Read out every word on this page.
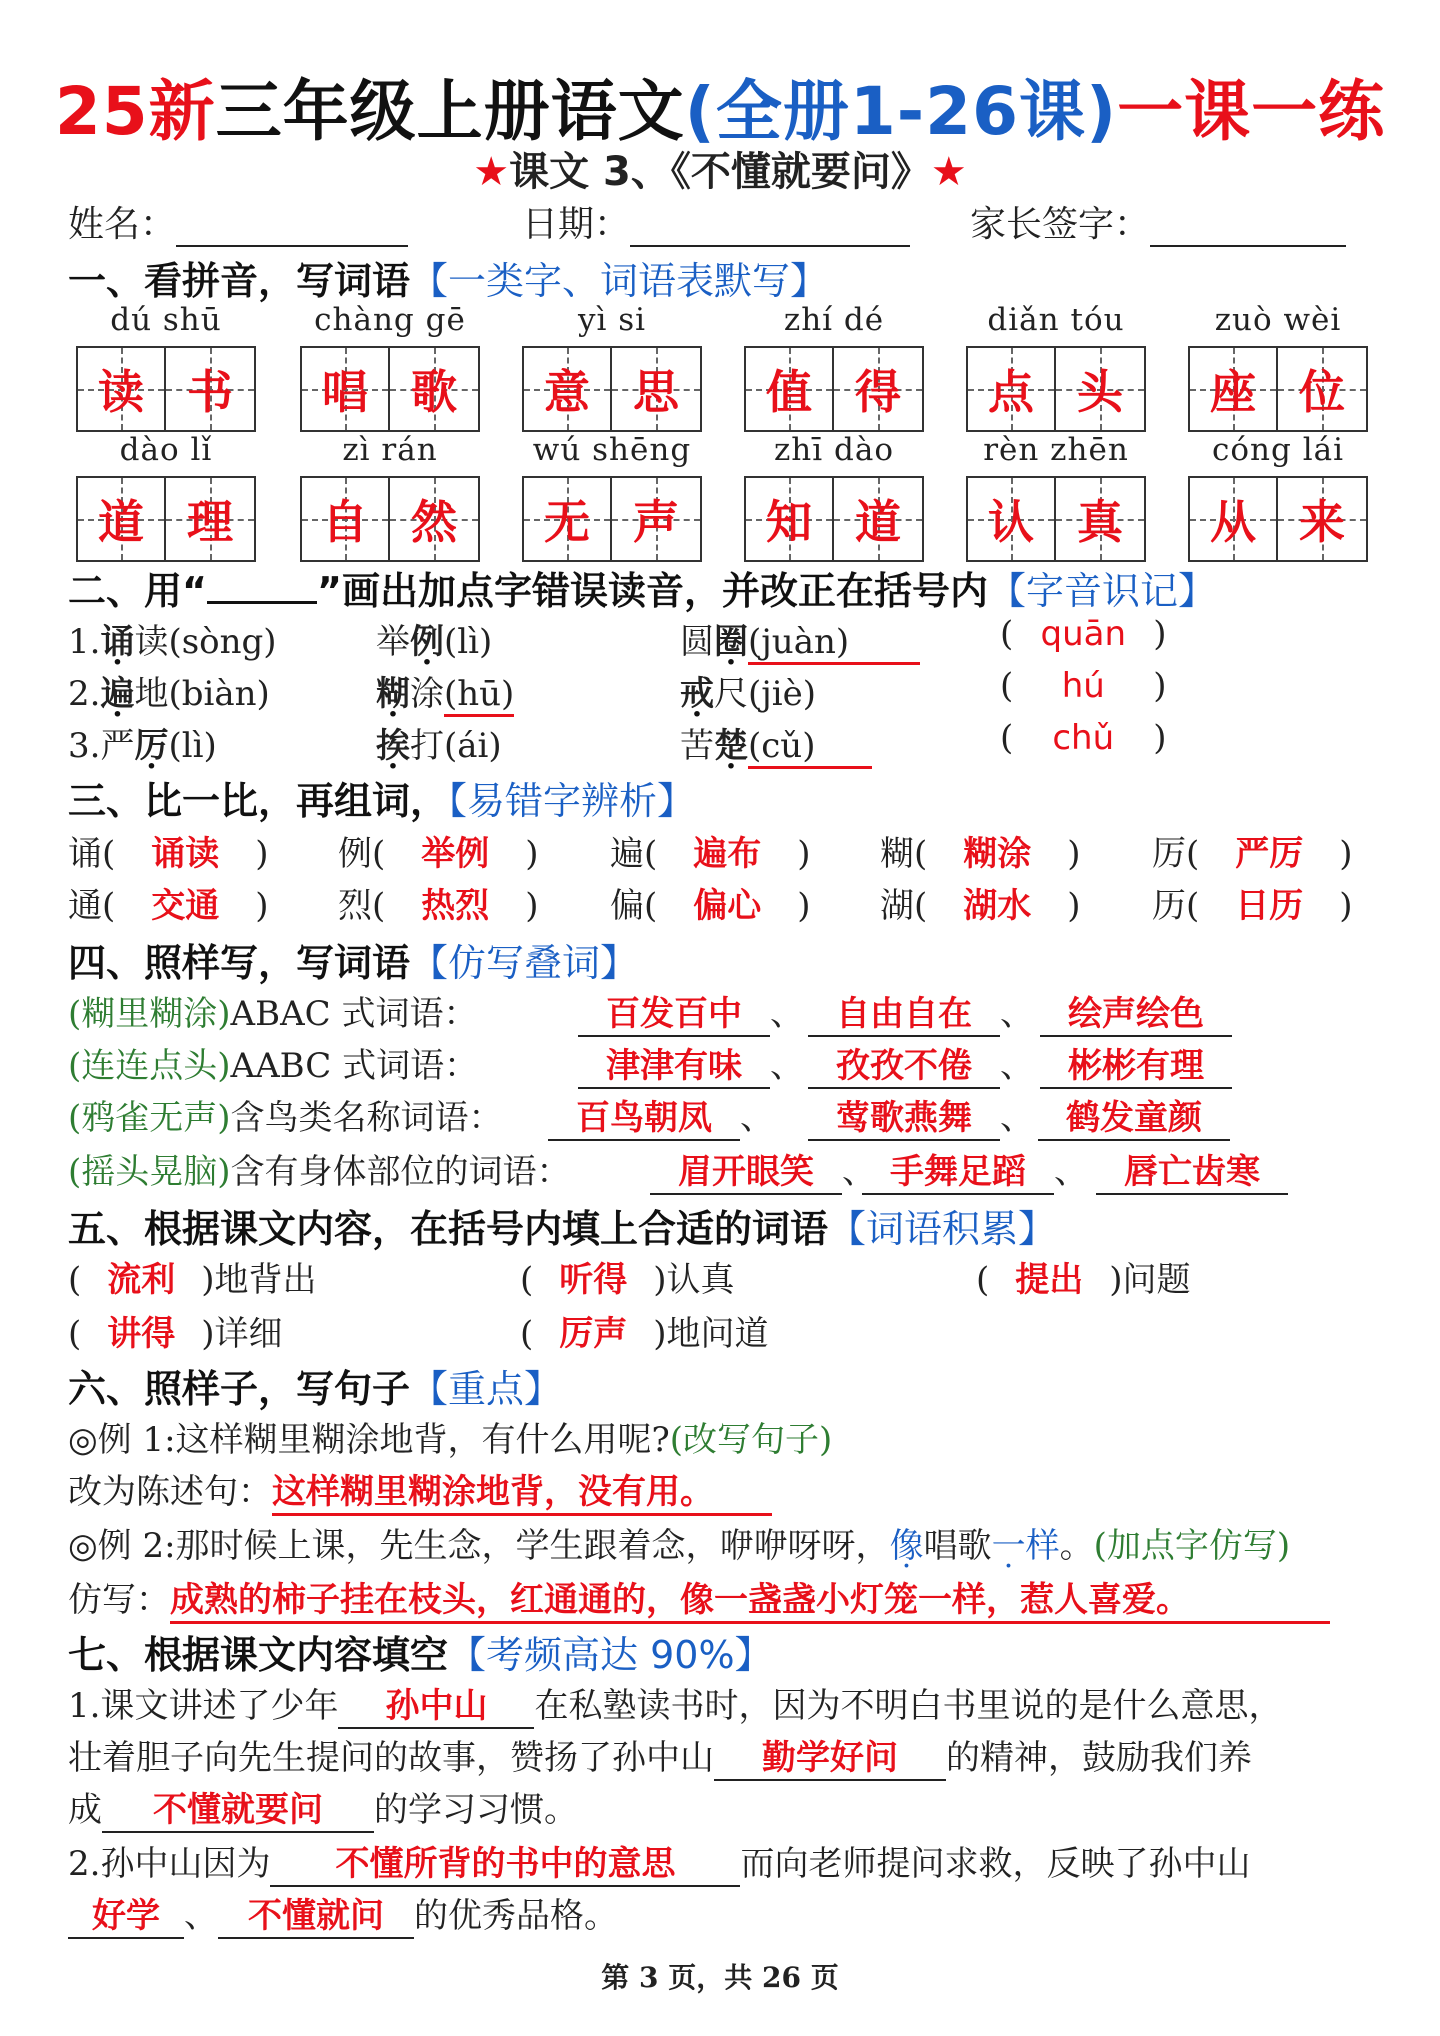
25新三年级上册语文(全册1-26课)一课一练
★课文 3、《不懂就要问》★
姓名：	日期：	家长签字：
一、看拼音，写词语【一类字、词语表默写】
dú shū
读 书
chàng gē
唱 歌
yì si
意 思
zhí dé
值 得
diǎn tóu
点 头
zuò wèi
座 位
dào lǐ
道 理
zì rán
自 然
wú shēng
无 声
zhī dào
知 道
rèn zhēn
认 真
cóng lái
从 来
二、用“	”画出加点字错误读音，并改正在括号内【字音识记】
1.诵读(sòng)	举例(lì)	圆圈(juàn)	( quān )
2.遍地(biàn)	糊涂(hū)	戒尺(jiè)	( hú )
3.严厉(lì)	挨打(ái)	苦楚(cǔ)	( chǔ )
三、比一比，再组词，【易错字辨析】
诵( 诵读 ) 例( 举例 ) 遍( 遍布 ) 糊( 糊涂 ) 厉( 严厉 )
通( 交通 ) 烈( 热烈 ) 偏( 偏心 ) 湖( 湖水 ) 历( 日历 )
四、照样写，写词语【仿写叠词】
(糊里糊涂)ABAC 式词语：	百发百中 、 自由自在 、	绘声绘色
(连连点头)AABC 式词语：	津津有味 、 孜孜不倦 、	彬彬有理
(鸦雀无声)含鸟类名称词语：	百鸟朝凤 、	莺歌燕舞 、 鹤发童颜
(摇头晃脑)含有身体部位的词语：	眉开眼笑 、 手舞足蹈 、	唇亡齿寒
五、根据课文内容，在括号内填上合适的词语【词语积累】
( 流利 )地背出	( 听得 )认真	( 提出 )问题
( 讲得 )详细	( 厉声 )地问道
六、照样子，写句子【重点】
◎例 1:这样糊里糊涂地背，有什么用呢?(改写句子)
改为陈述句：这样糊里糊涂地背，没有用。
◎例 2:那时候上课，先生念，学生跟着念，咿咿呀呀，像唱歌一样。(加点字仿写)
仿写：成熟的柿子挂在枝头，红通通的，像一盏盏小灯笼一样，惹人喜爱。
七、根据课文内容填空【考频高达 90%】
1.课文讲述了少年 孙中山 在私塾读书时，因为不明白书里说的是什么意思，
壮着胆子向先生提问的故事，赞扬了孙中山 勤学好问 的精神，鼓励我们养
成 不懂就要问 的学习习惯。
2.孙中山因为 不懂所背的书中的意思 而向老师提问求救，反映了孙中山
好学 、 不懂就问 的优秀品格。
第 3 页，共 26 页
